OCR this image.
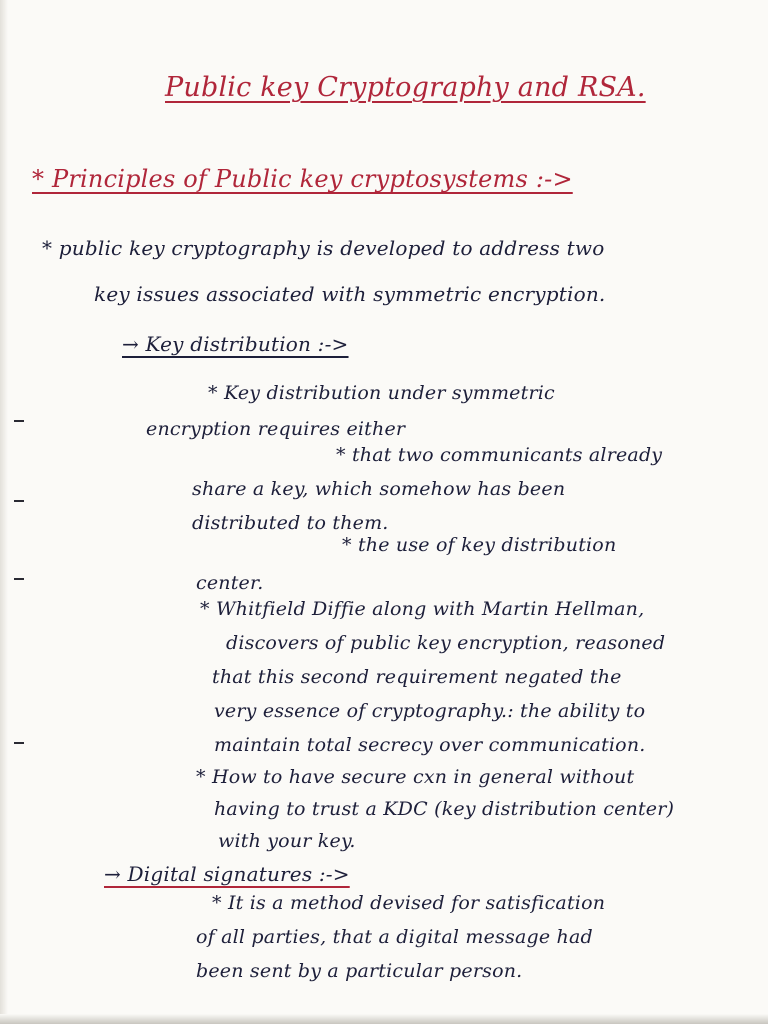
Public key Cryptography and RSA.
* Principles of Public key cryptosystems :->
* public key cryptography is developed to address two
key issues associated with symmetric encryption.
→ Key distribution :->
* Key distribution under symmetric
encryption requires either
* that two communicants already
share a key, which somehow has been
distributed to them.
* the use of key distribution
center.
* Whitfield Diffie along with Martin Hellman,
discovers of public key encryption, reasoned
that this second requirement negated the
very essence of cryptography.: the ability to
maintain total secrecy over communication.
* How to have secure cxn in general without
having to trust a KDC (key distribution center)
with your key.
→ Digital signatures :->
* It is a method devised for satisfication
of all parties, that a digital message had
been sent by a particular person.
